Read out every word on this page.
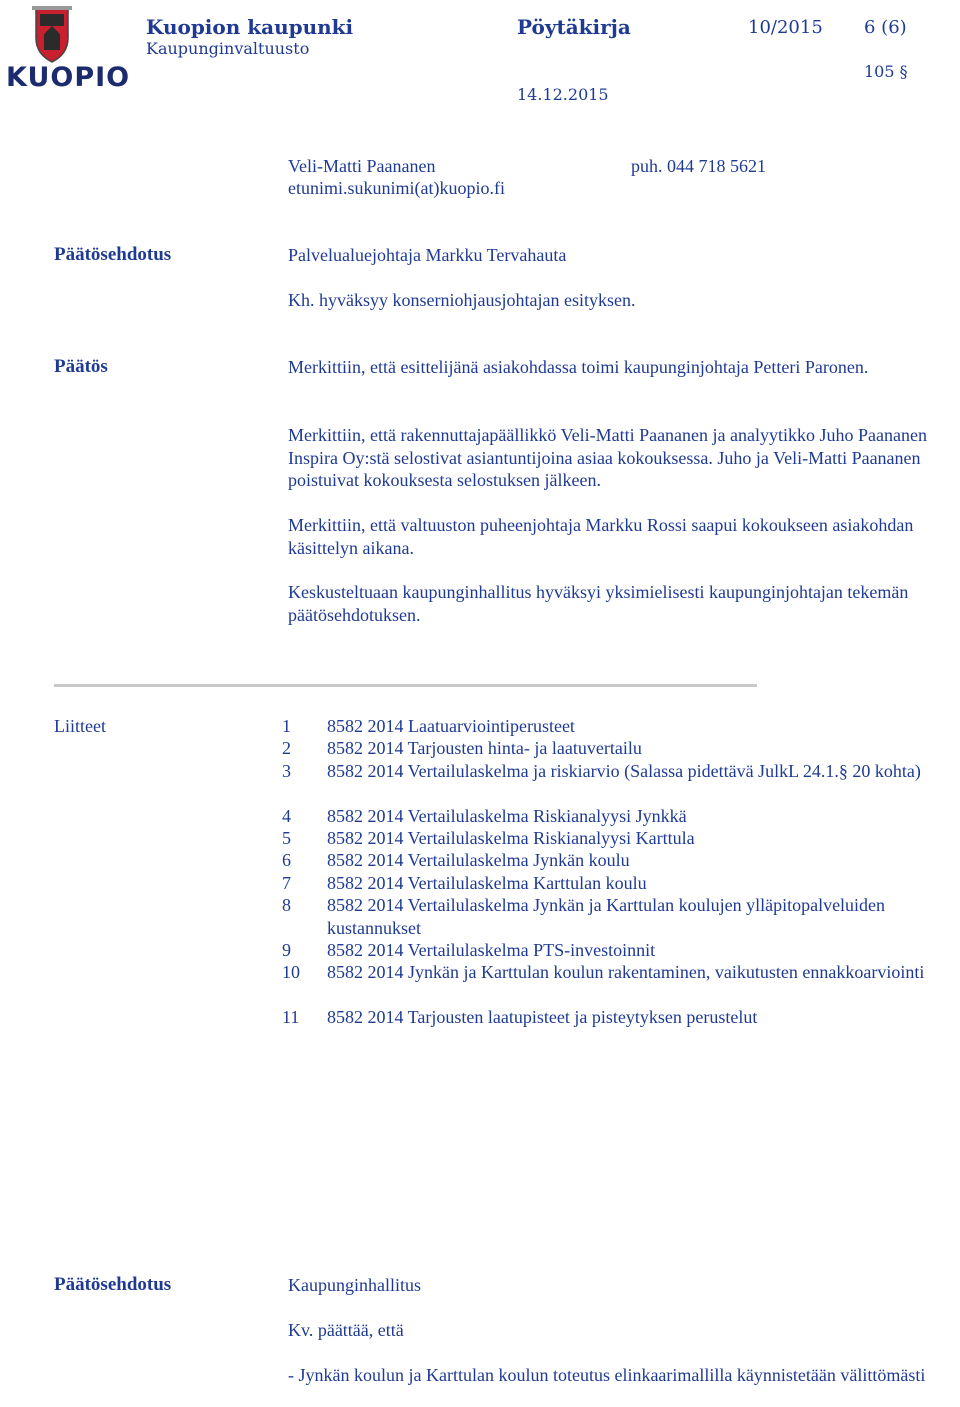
KUOPIO
Kuopion kaupunki
Kaupunginvaltuusto
Pöytäkirja	10/2015 6 (6)
105 §
14.12.2015
Veli-Matti Paananen	puh. 044 718 5621
etunimi.sukunimi(at)kuopio.fi
Päätösehdotus	Palvelualuejohtaja Markku Tervahauta
Kh. hyväksyy konserniohjausjohtajan esityksen.
Päätös	Merkittiin, että esittelijänä asiakohdassa toimi kaupunginjohtaja Petteri Paronen.
Merkittiin, että rakennuttajapäällikkö Veli-Matti Paananen ja analyytikko Juho Paananen Inspira Oy:stä selostivat asiantuntijoina asiaa kokouksessa. Juho ja Veli-Matti Paananen poistuivat kokouksesta selostuksen jälkeen.
Merkittiin, että valtuuston puheenjohtaja Markku Rossi saapui kokoukseen asiakohdan käsittelyn aikana.
Keskusteltuaan kaupunginhallitus hyväksyi yksimielisesti kaupunginjohtajan tekemän päätösehdotuksen.
Liitteet	1	8582 2014 Laatuarviointiperusteet
2	8582 2014 Tarjousten hinta- ja laatuvertailu
3	8582 2014 Vertailulaskelma ja riskiarvio (Salassa pidettävä JulkL 24.1.§ 20 kohta)
4	8582 2014 Vertailulaskelma Riskianalyysi Jynkkä
5	8582 2014 Vertailulaskelma Riskianalyysi Karttula
6	8582 2014 Vertailulaskelma Jynkän koulu
7	8582 2014 Vertailulaskelma Karttulan koulu
8	8582 2014 Vertailulaskelma Jynkän ja Karttulan koulujen ylläpitopalveluiden kustannukset
9	8582 2014 Vertailulaskelma PTS-investoinnit
10	8582 2014 Jynkän ja Karttulan koulun rakentaminen, vaikutusten ennakkoarviointi
11	8582 2014 Tarjousten laatupisteet ja pisteytyksen perustelut
Päätösehdotus	Kaupunginhallitus
Kv. päättää, että
- Jynkän koulun ja Karttulan koulun toteutus elinkaarimallilla käynnistetään välittömästi
